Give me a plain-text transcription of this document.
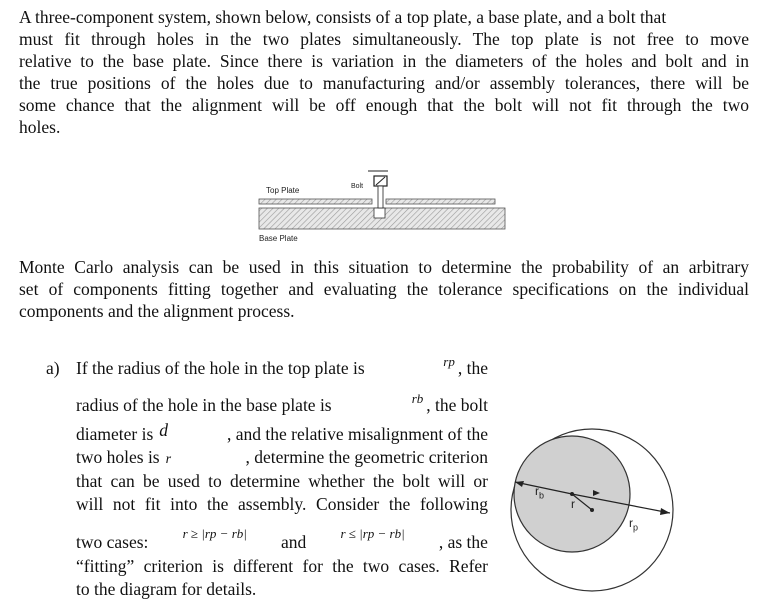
A three-component system, shown below, consists of a top plate, a base plate, and a bolt that
must fit through holes in the two plates simultaneously. The top plate is not free to move
relative to the base plate. Since there is variation in the diameters of the holes and bolt and in
the true positions of the holes due to manufacturing and/or assembly tolerances, there will be
some chance that the alignment will be off enough that the bolt will not fit through the two
holes.
Top Plate	Bolt
Base Plate
Monte Carlo analysis can be used in this situation to determine the probability of an arbitrary
set of components fitting together and evaluating the tolerance specifications on the individual
components and the alignment process.
a) If the radius of the hole in the top plate is	$^{rp}$ , the
radius of the hole in the base plate is	$^{rb}$ , the bolt
diameter is d	, and the relative misalignment of the
two holes is r	, determine the geometric criterion
that can be used to determine whether the bolt will or
will not fit into the assembly. Consider the following
two cases:	r ≥ |rp − rb| and	r ≤ |rp − rb| , as the
“fitting” criterion is different for the two cases. Refer
to the diagram for details.
$r_b$
r
$r_p$
